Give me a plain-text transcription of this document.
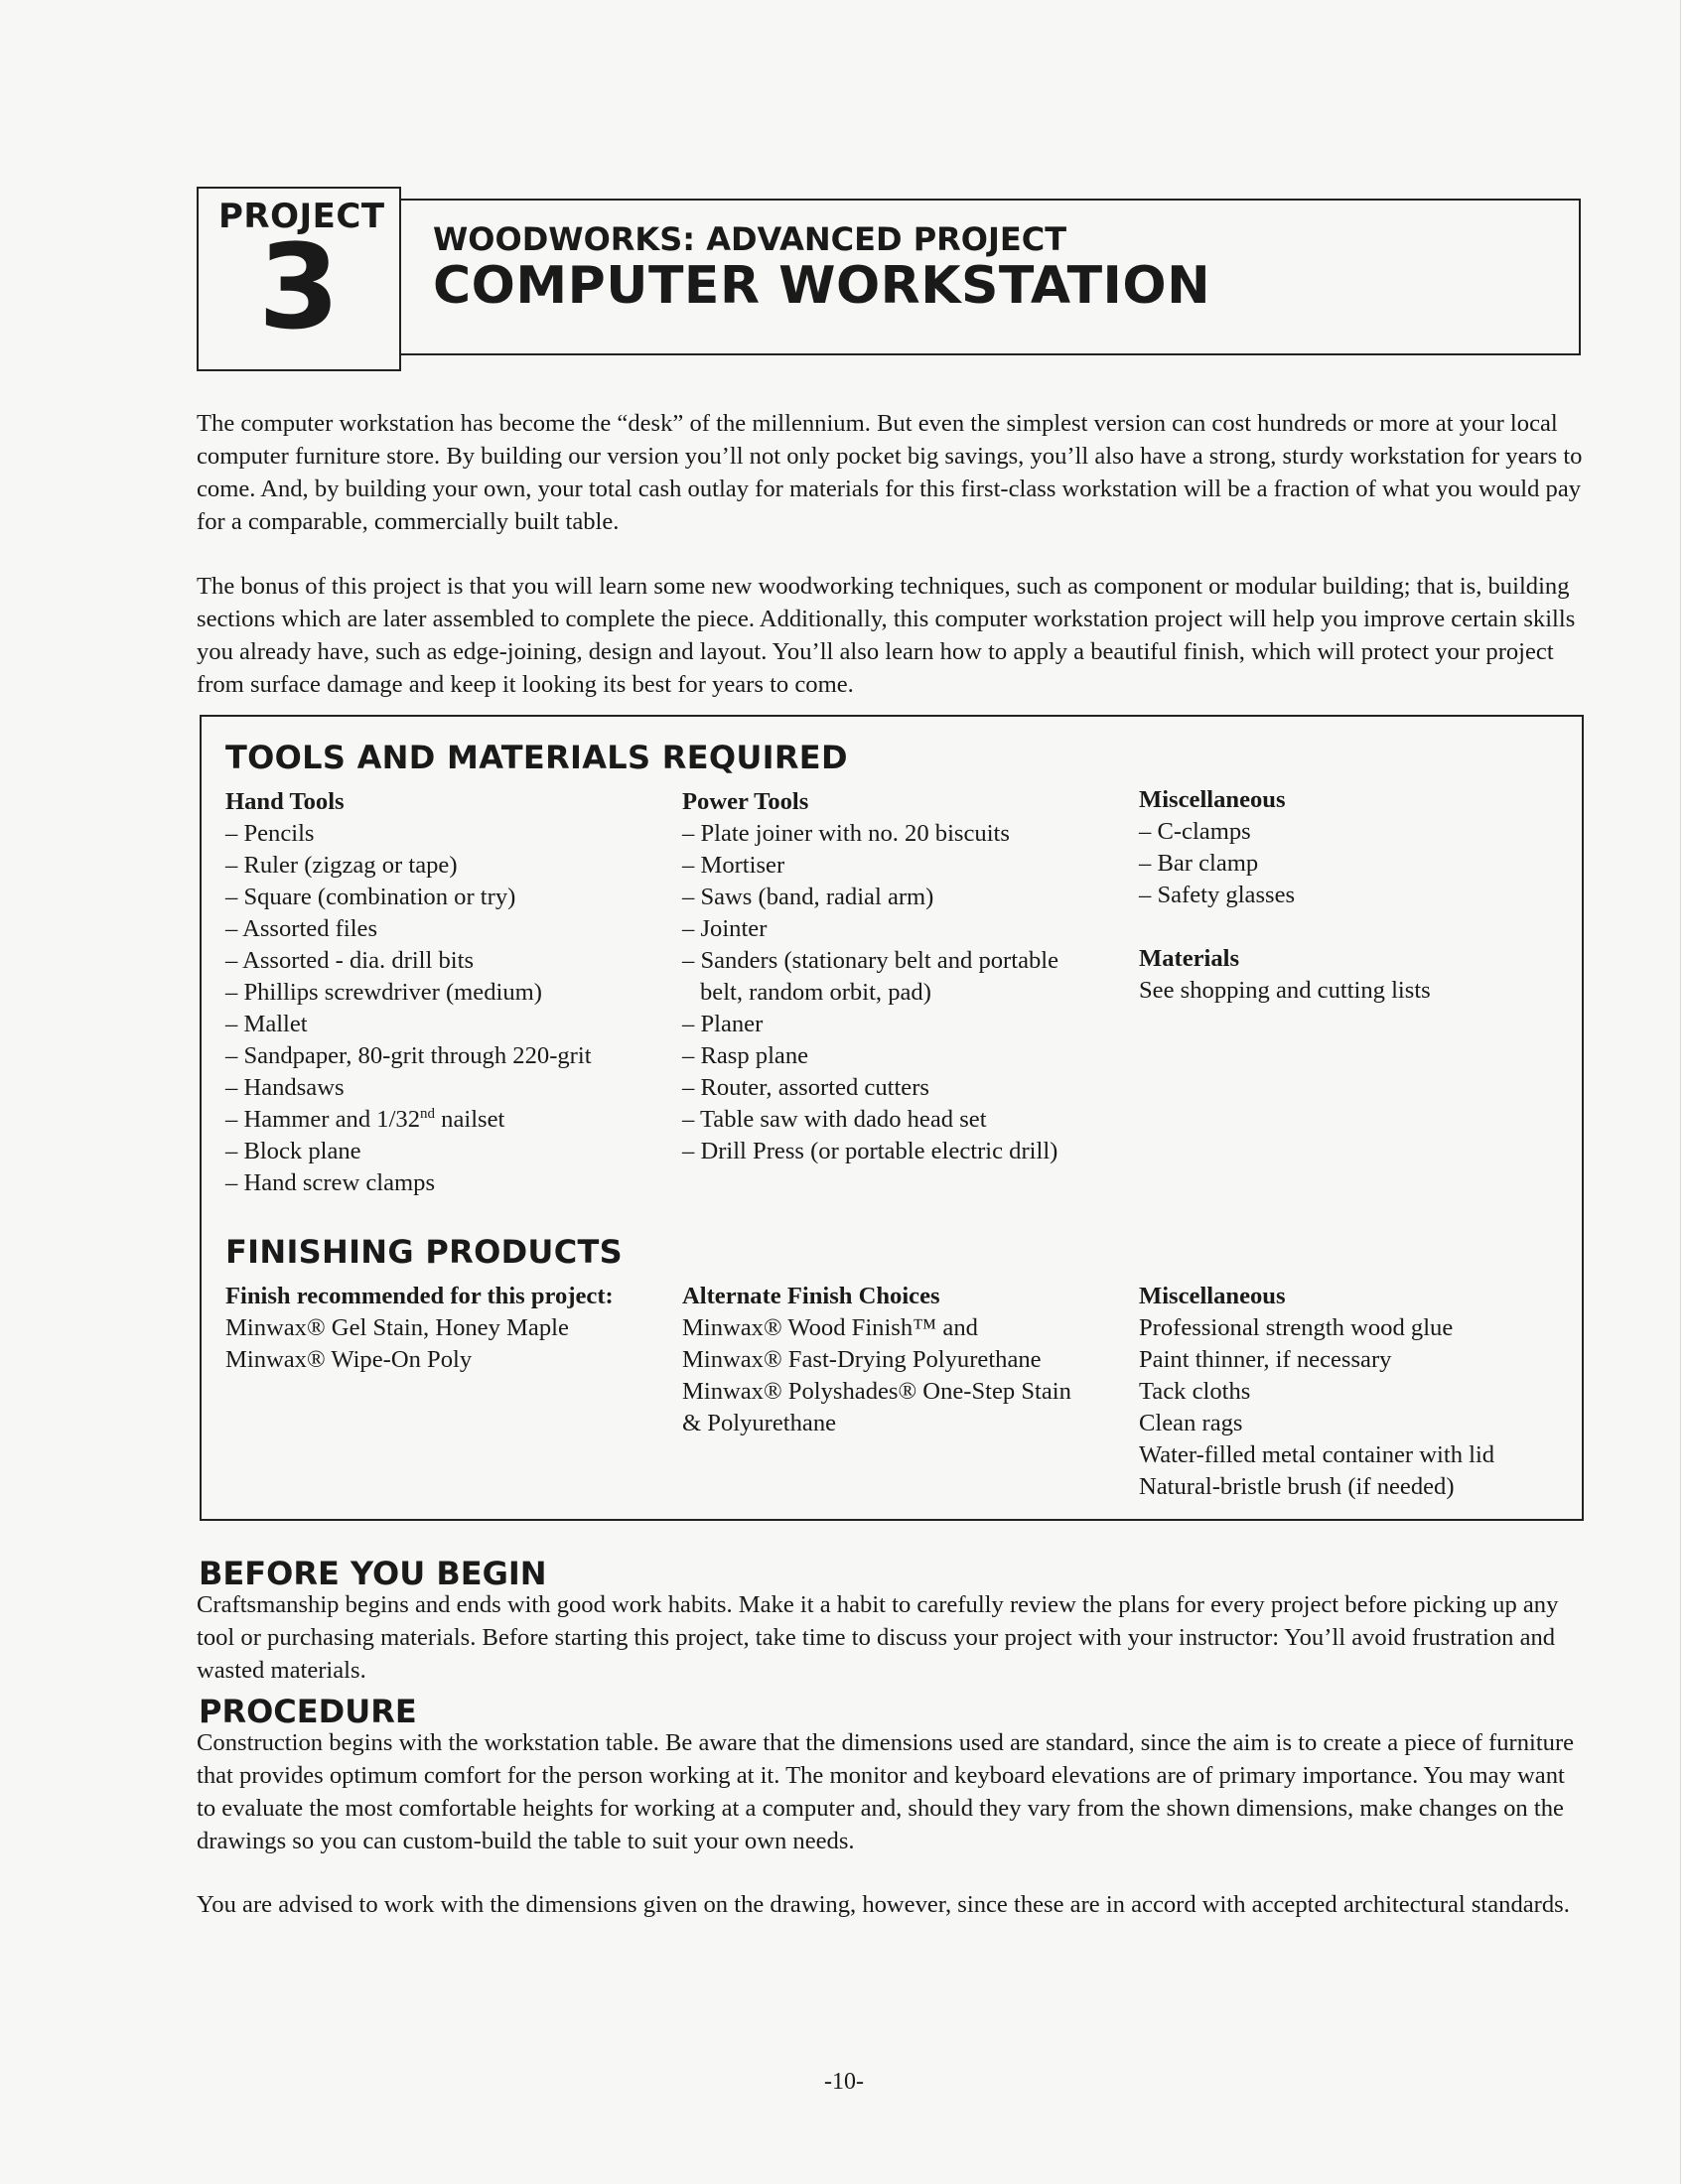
PROJECT
3	WOODWORKS: ADVANCED PROJECT
COMPUTER WORKSTATION

The computer workstation has become the “desk” of the millennium. But even the simplest version can cost hundreds or more at your local computer furniture store. By building our version you’ll not only pocket big savings, you’ll also have a strong, sturdy workstation for years to come. And, by building your own, your total cash outlay for materials for this first-class workstation will be a fraction of what you would pay for a comparable, commercially built table.

The bonus of this project is that you will learn some new woodworking techniques, such as component or modular building; that is, building sections which are later assembled to complete the piece. Additionally, this computer workstation project will help you improve certain skills you already have, such as edge-joining, design and layout. You’ll also learn how to apply a beautiful finish, which will protect your project from surface damage and keep it looking its best for years to come.

TOOLS AND MATERIALS REQUIRED
Hand Tools
– Pencils
– Ruler (zigzag or tape)
– Square (combination or try)
– Assorted files
– Assorted - dia. drill bits
– Phillips screwdriver (medium)
– Mallet
– Sandpaper, 80-grit through 220-grit
– Handsaws
– Hammer and 1/32nd nailset
– Block plane
– Hand screw clamps
Power Tools
– Plate joiner with no. 20 biscuits
– Mortiser
– Saws (band, radial arm)
– Jointer
– Sanders (stationary belt and portable
belt, random orbit, pad)
– Planer
– Rasp plane
– Router, assorted cutters
– Table saw with dado head set
– Drill Press (or portable electric drill)
Miscellaneous
– C-clamps
– Bar clamp
– Safety glasses
Materials
See shopping and cutting lists
FINISHING PRODUCTS
Finish recommended for this project:
Minwax® Gel Stain, Honey Maple
Minwax® Wipe-On Poly
Alternate Finish Choices
Minwax® Wood Finish™ and
Minwax® Fast-Drying Polyurethane
Minwax® Polyshades® One-Step Stain
& Polyurethane
Miscellaneous
Professional strength wood glue
Paint thinner, if necessary
Tack cloths
Clean rags
Water-filled metal container with lid
Natural-bristle brush (if needed)
BEFORE YOU BEGIN

Craftsmanship begins and ends with good work habits. Make it a habit to carefully review the plans for every project before picking up any tool or purchasing materials. Before starting this project, take time to discuss your project with your instructor: You’ll avoid frustration and wasted materials.

PROCEDURE

Construction begins with the workstation table. Be aware that the dimensions used are standard, since the aim is to create a piece of furniture that provides optimum comfort for the person working at it. The monitor and keyboard elevations are of primary importance. You may want to evaluate the most comfortable heights for working at a computer and, should they vary from the shown dimensions, make changes on the drawings so you can custom-build the table to suit your own needs.

You are advised to work with the dimensions given on the drawing, however, since these are in accord with accepted architectural standards.

-10-
